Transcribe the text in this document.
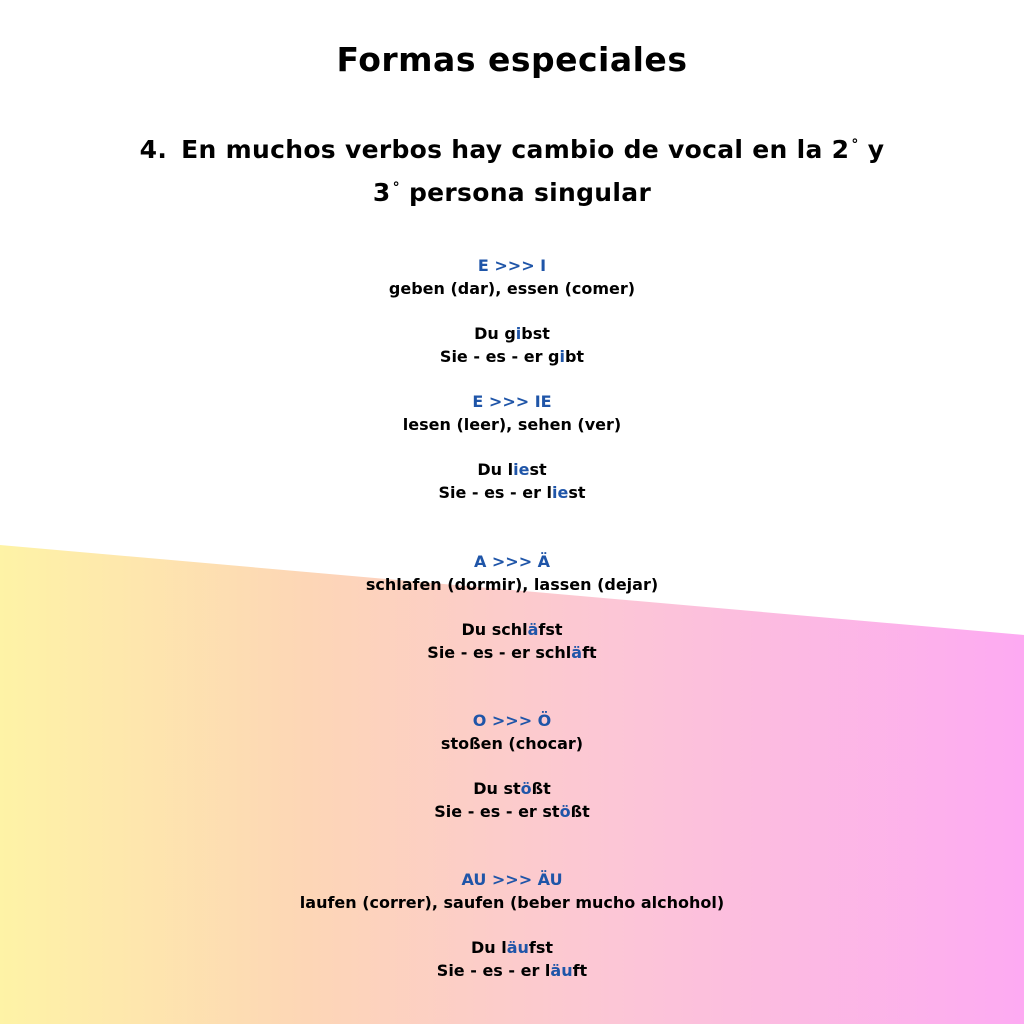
Formas especiales
4. En muchos verbos hay cambio de vocal en la 2 ° y
3 ° persona singular
E >>> I
geben (dar), essen (comer)
Du gibst
Sie - es - er gibt
E >>> IE
lesen (leer), sehen (ver)
Du liest
Sie - es - er liest
A >>> Ä
schlafen (dormir), lassen (dejar)
Du schläfst
Sie - es - er schläft
O >>> Ö
stoßen (chocar)
Du stößt
Sie - es - er stößt
AU >>> ÄU
laufen (correr), saufen (beber mucho alchohol)
Du läufst
Sie - es - er läuft
